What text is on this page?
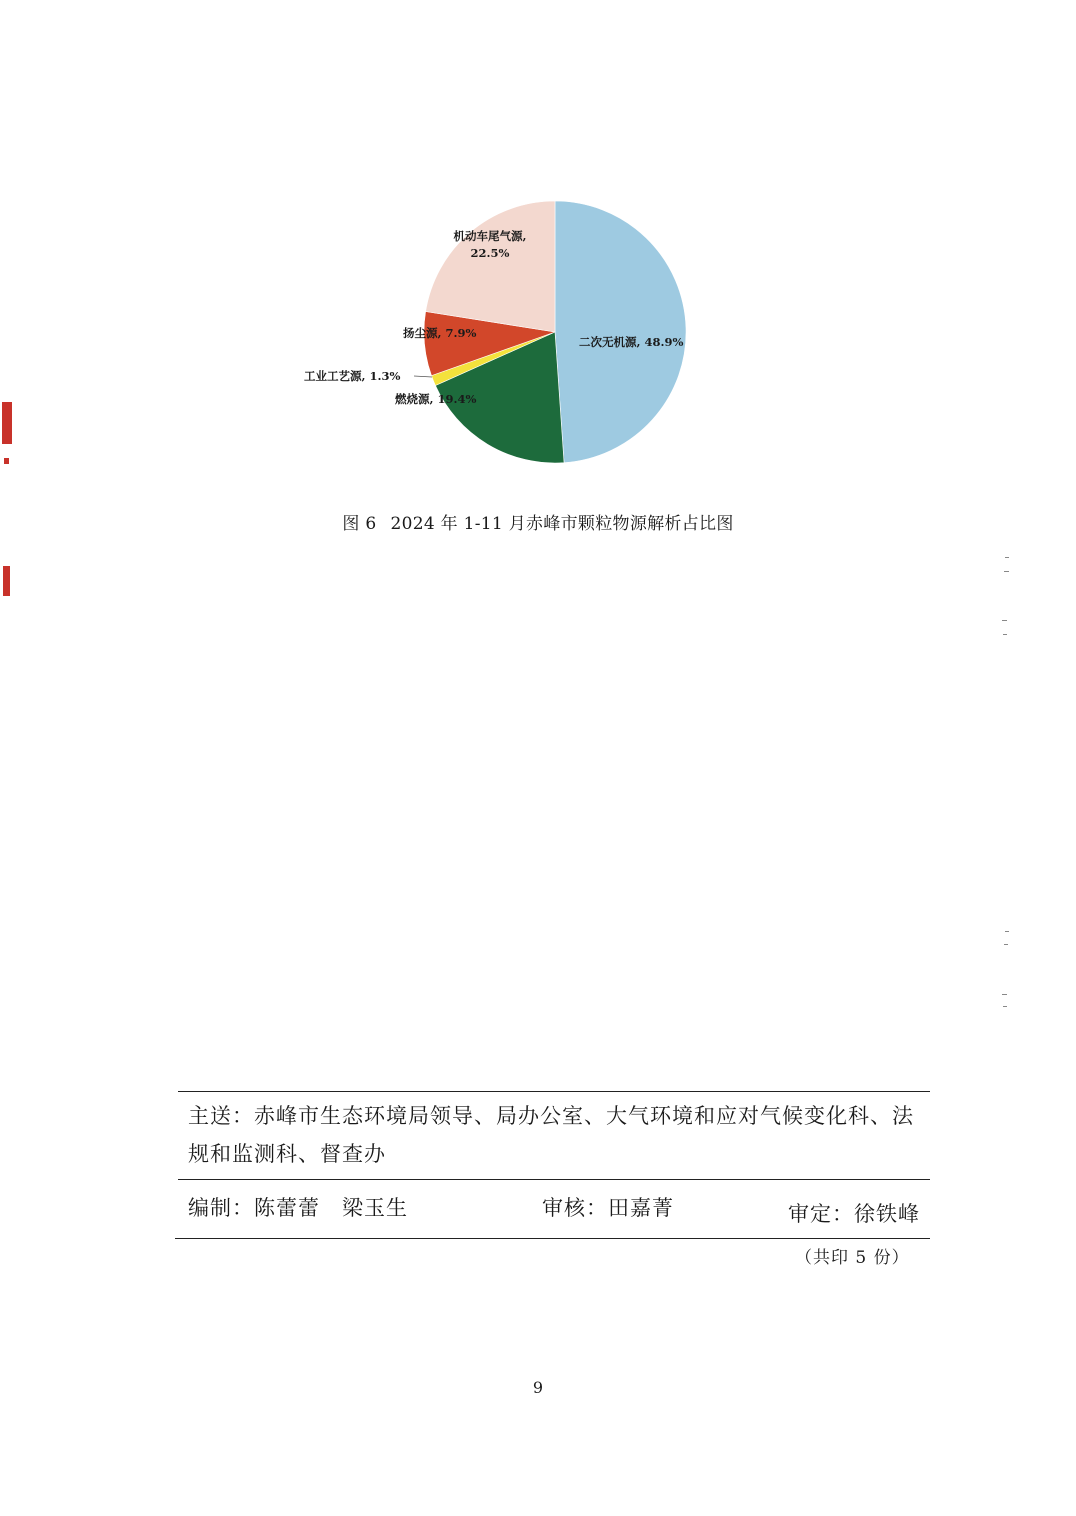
二次无机源, 48.9%
燃烧源, 19.4%
工业工艺源, 1.3%
扬尘源, 7.9%
机动车尾气源,
22.5%
图 6 2024 年 1-11 月赤峰市颗粒物源解析占比图
主送：赤峰市生态环境局领导、局办公室、大气环境和应对气候变化科、法
规和监测科、督查办
编制：陈蕾蕾　梁玉生	审核：田嘉菁	审定：徐铁峰
（共印 5 份）
9
